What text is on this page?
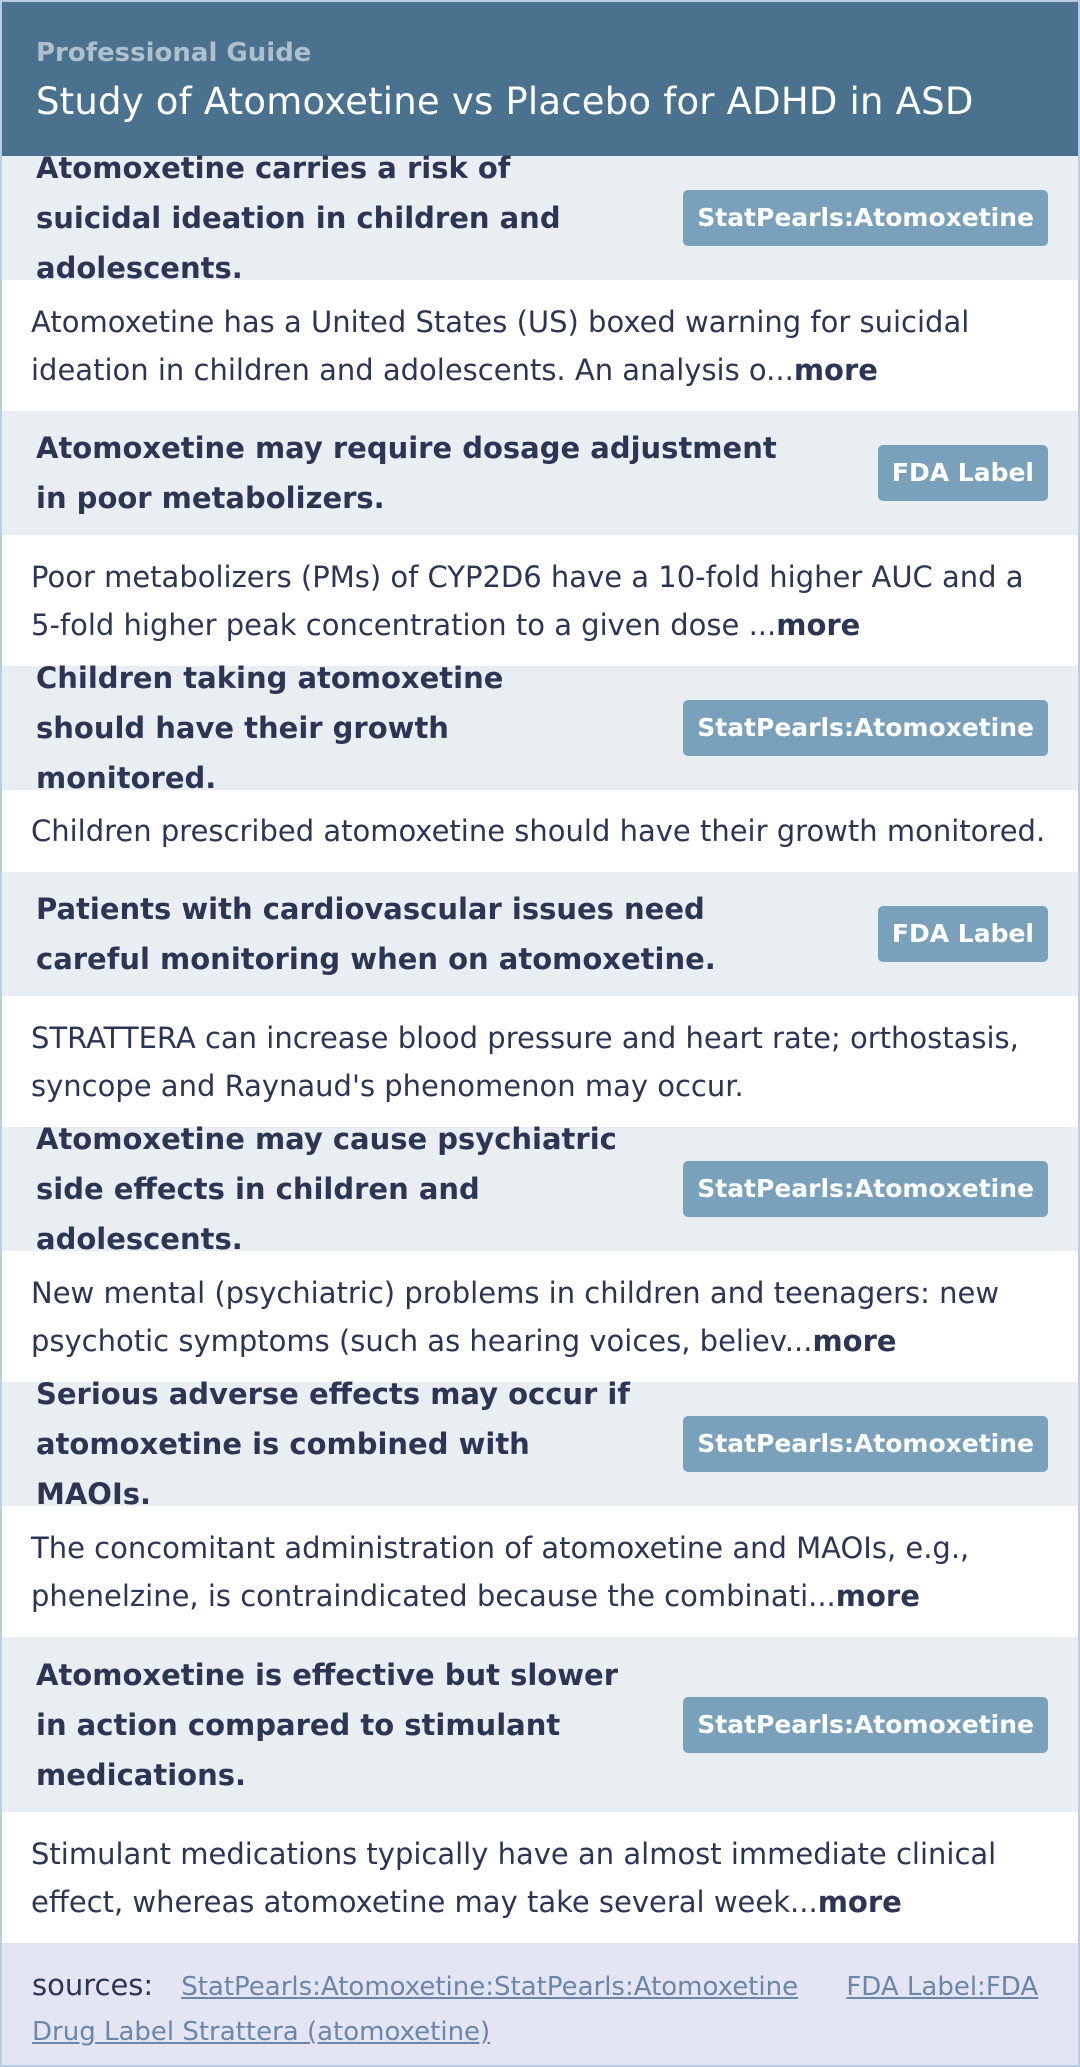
Professional Guide
Study of Atomoxetine vs Placebo for ADHD in ASD
Atomoxetine carries a risk of suicidal ideation in children and adolescents.
StatPearls:Atomoxetine
Atomoxetine has a United States (US) boxed warning for suicidal ideation in children and adolescents. An analysis o...more
Atomoxetine may require dosage adjustment in poor metabolizers.
FDA Label
Poor metabolizers (PMs) of CYP2D6 have a 10-fold higher AUC and a 5-fold higher peak concentration to a given dose ...more
Children taking atomoxetine should have their growth monitored.
StatPearls:Atomoxetine
Children prescribed atomoxetine should have their growth monitored.
Patients with cardiovascular issues need careful monitoring when on atomoxetine.
FDA Label
STRATTERA can increase blood pressure and heart rate; orthostasis, syncope and Raynaud's phenomenon may occur.
Atomoxetine may cause psychiatric side effects in children and adolescents.
StatPearls:Atomoxetine
New mental (psychiatric) problems in children and teenagers: new psychotic symptoms (such as hearing voices, believ...more
Serious adverse effects may occur if atomoxetine is combined with MAOIs.
StatPearls:Atomoxetine
The concomitant administration of atomoxetine and MAOIs, e.g., phenelzine, is contraindicated because the combinati...more
Atomoxetine is effective but slower in action compared to stimulant medications.
StatPearls:Atomoxetine
Stimulant medications typically have an almost immediate clinical effect, whereas atomoxetine may take several week...more
sources: StatPearls:Atomoxetine:StatPearls:Atomoxetine FDA Label:FDA Drug Label Strattera (atomoxetine)
